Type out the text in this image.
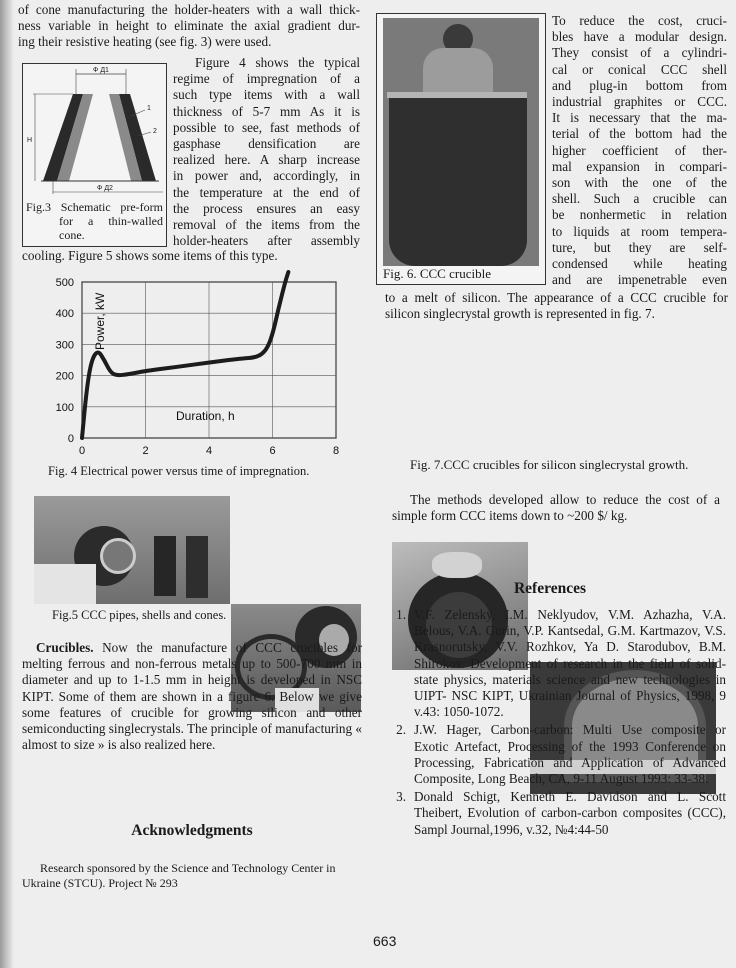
of cone manufacturing the holder-heaters with a wall thick-

ness variable in height to eliminate the axial gradient dur-

ing their resistive heating (see fig. 3) were used.

Ф Д1
H
1
2
Ф Д2
Fig.3 Schematic pre-form
for a thin-walled
cone.

Figure 4 shows the typical

regime of impregnation of a

such type items with a wall

thickness of 5-7 mm As it is

possible to see, fast methods of

gasphase densification are

realized here. A sharp increase

in power and, accordingly, in

the temperature at the end of

the process ensures an easy

removal of the items from the

holder-heaters after assembly

cooling. Figure 5 shows some items of this type.
0
100
200
300
400
500
0	2	4	6	8
Power, kW
Duration, h
Fig. 4 Electrical power versus time of impregnation.
Fig.5 CCC pipes, shells and cones.
Crucibles. Now the manufacture of CCC crucibles for melting ferrous and non-ferrous metals up to 500-700 mm in diameter and up to 1-1.5 mm in height is developed in NSC KIPT. Some of them are shown in a figure 6. Below we give some features of crucible for growing silicon and other semiconducting singlecrystals. The principle of manufacturing « almost to size » is also realized here.
Acknowledgments
Research sponsored by the Science and Technology Center in
Ukraine (STCU). Project № 293
Fig. 6. CCC crucible

To reduce the cost, cruci-

bles have a modular design.

They consist of a cylindri-

cal or conical CCC shell

and plug-in bottom from

industrial graphites or CCC.

It is necessary that the ma-

terial of the bottom had the

higher coefficient of ther-

mal expansion in compari-

son with the one of the

shell. Such a crucible can

be nonhermetic in relation

to liquids at room tempera-

ture, but they are self-

condensed while heating

and are impenetrable even

to a melt of silicon. The appearance of a CCC crucible for

silicon singlecrystal growth is represented in fig. 7.

Fig. 7.CCC crucibles for silicon singlecrystal growth.
The methods developed allow to reduce the cost of a simple form CCC items down to ~200 $/ kg.
References
1. V.F. Zelensky, I.M. Neklyudov, V.M. Azhazha, V.A. Belous, V.A. Gurin, V.P. Kantsedal, G.M. Kartmazov, V.S. Krasnorutsky, V.V. Rozhkov, Ya D. Starodubov, B.M. Shirokov. Development of research in the field of solid-state physics, materials science and new technologies in UIPT- NSC KIPT, Ukrainian Journal of Physics, 1998, 9 v.43: 1050-1072.
2. J.W. Hager, Carbon-carbon: Multi Use composite or Exotic Artefact, Processing of the 1993 Conference on Processing, Fabrication and Application of Advanced Composite, Long Beach, CA, 9-11 August 1993: 33-38.
3. Donald Schigt, Kenneth E. Davidson and L. Scott Theibert, Evolution of carbon-carbon composites (CCC), Sampl Journal,1996, v.32, №4:44-50
663
